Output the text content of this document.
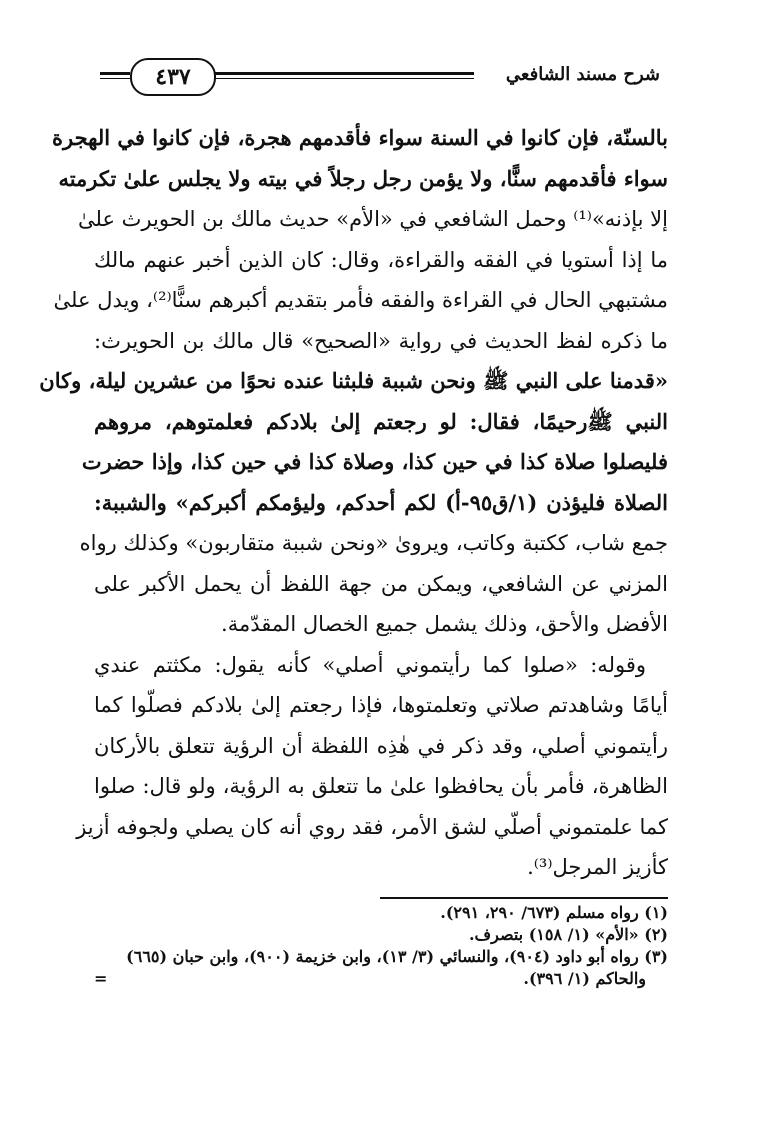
شرح مسند الشافعي
٤٣٧
بالسنّة، فإن كانوا في السنة سواء فأقدمهم هجرة، فإن كانوا في الهجرة
سواء فأقدمهم سنًّا، ولا يؤمن رجل رجلاً في بيته ولا يجلس علىٰ تكرمته
إلا بإذنه»⁽¹⁾ وحمل الشافعي في «الأم» حديث مالك بن الحويرث علىٰ
ما إذا أستويا في الفقه والقراءة، وقال: كان الذين أخبر عنهم مالك
مشتبهي الحال في القراءة والفقه فأمر بتقديم أكبرهم سنًّا⁽²⁾، ويدل علىٰ
ما ذكره لفظ الحديث في رواية «الصحيح» قال مالك بن الحويرث:
«قدمنا على النبي ﷺ ونحن شببة فلبثنا عنده نحوًا من عشرين ليلة، وكان
النبي ﷺرحيمًا، فقال: لو رجعتم إلىٰ بلادكم فعلمتوهم، مروهم
فليصلوا صلاة كذا في حين كذا، وصلاة كذا في حين كذا، وإذا حضرت
الصلاة فليؤذن (١/ق٩٥-أ) لكم أحدكم، وليؤمكم أكبركم» والشببة:
جمع شاب، ككتبة وكاتب، ويروىٰ «ونحن شببة متقاربون» وكذلك رواه
المزني عن الشافعي، ويمكن من جهة اللفظ أن يحمل الأكبر على
الأفضل والأحق، وذلك يشمل جميع الخصال المقدّمة.
وقوله: «صلوا كما رأيتموني أصلي» كأنه يقول: مكثتم عندي
أيامًا وشاهدتم صلاتي وتعلمتوها، فإذا رجعتم إلىٰ بلادكم فصلّوا كما
رأيتموني أصلي، وقد ذكر في هٰذِه اللفظة أن الرؤية تتعلق بالأركان
الظاهرة، فأمر بأن يحافظوا علىٰ ما تتعلق به الرؤية، ولو قال: صلوا
كما علمتموني أصلّي لشق الأمر، فقد روي أنه كان يصلي ولجوفه أزيز
كأزيز المرجل⁽³⁾.
(١) رواه مسلم (٦٧٣/ ٢٩٠، ٢٩١).
(٢) «الأم» (١/ ١٥٨) بتصرف.
(٣) رواه أبو داود (٩٠٤)، والنسائي (٣/ ١٣)، وابن خزيمة (٩٠٠)، وابن حبان (٦٦٥)
والحاكم (١/ ٣٩٦).
=
